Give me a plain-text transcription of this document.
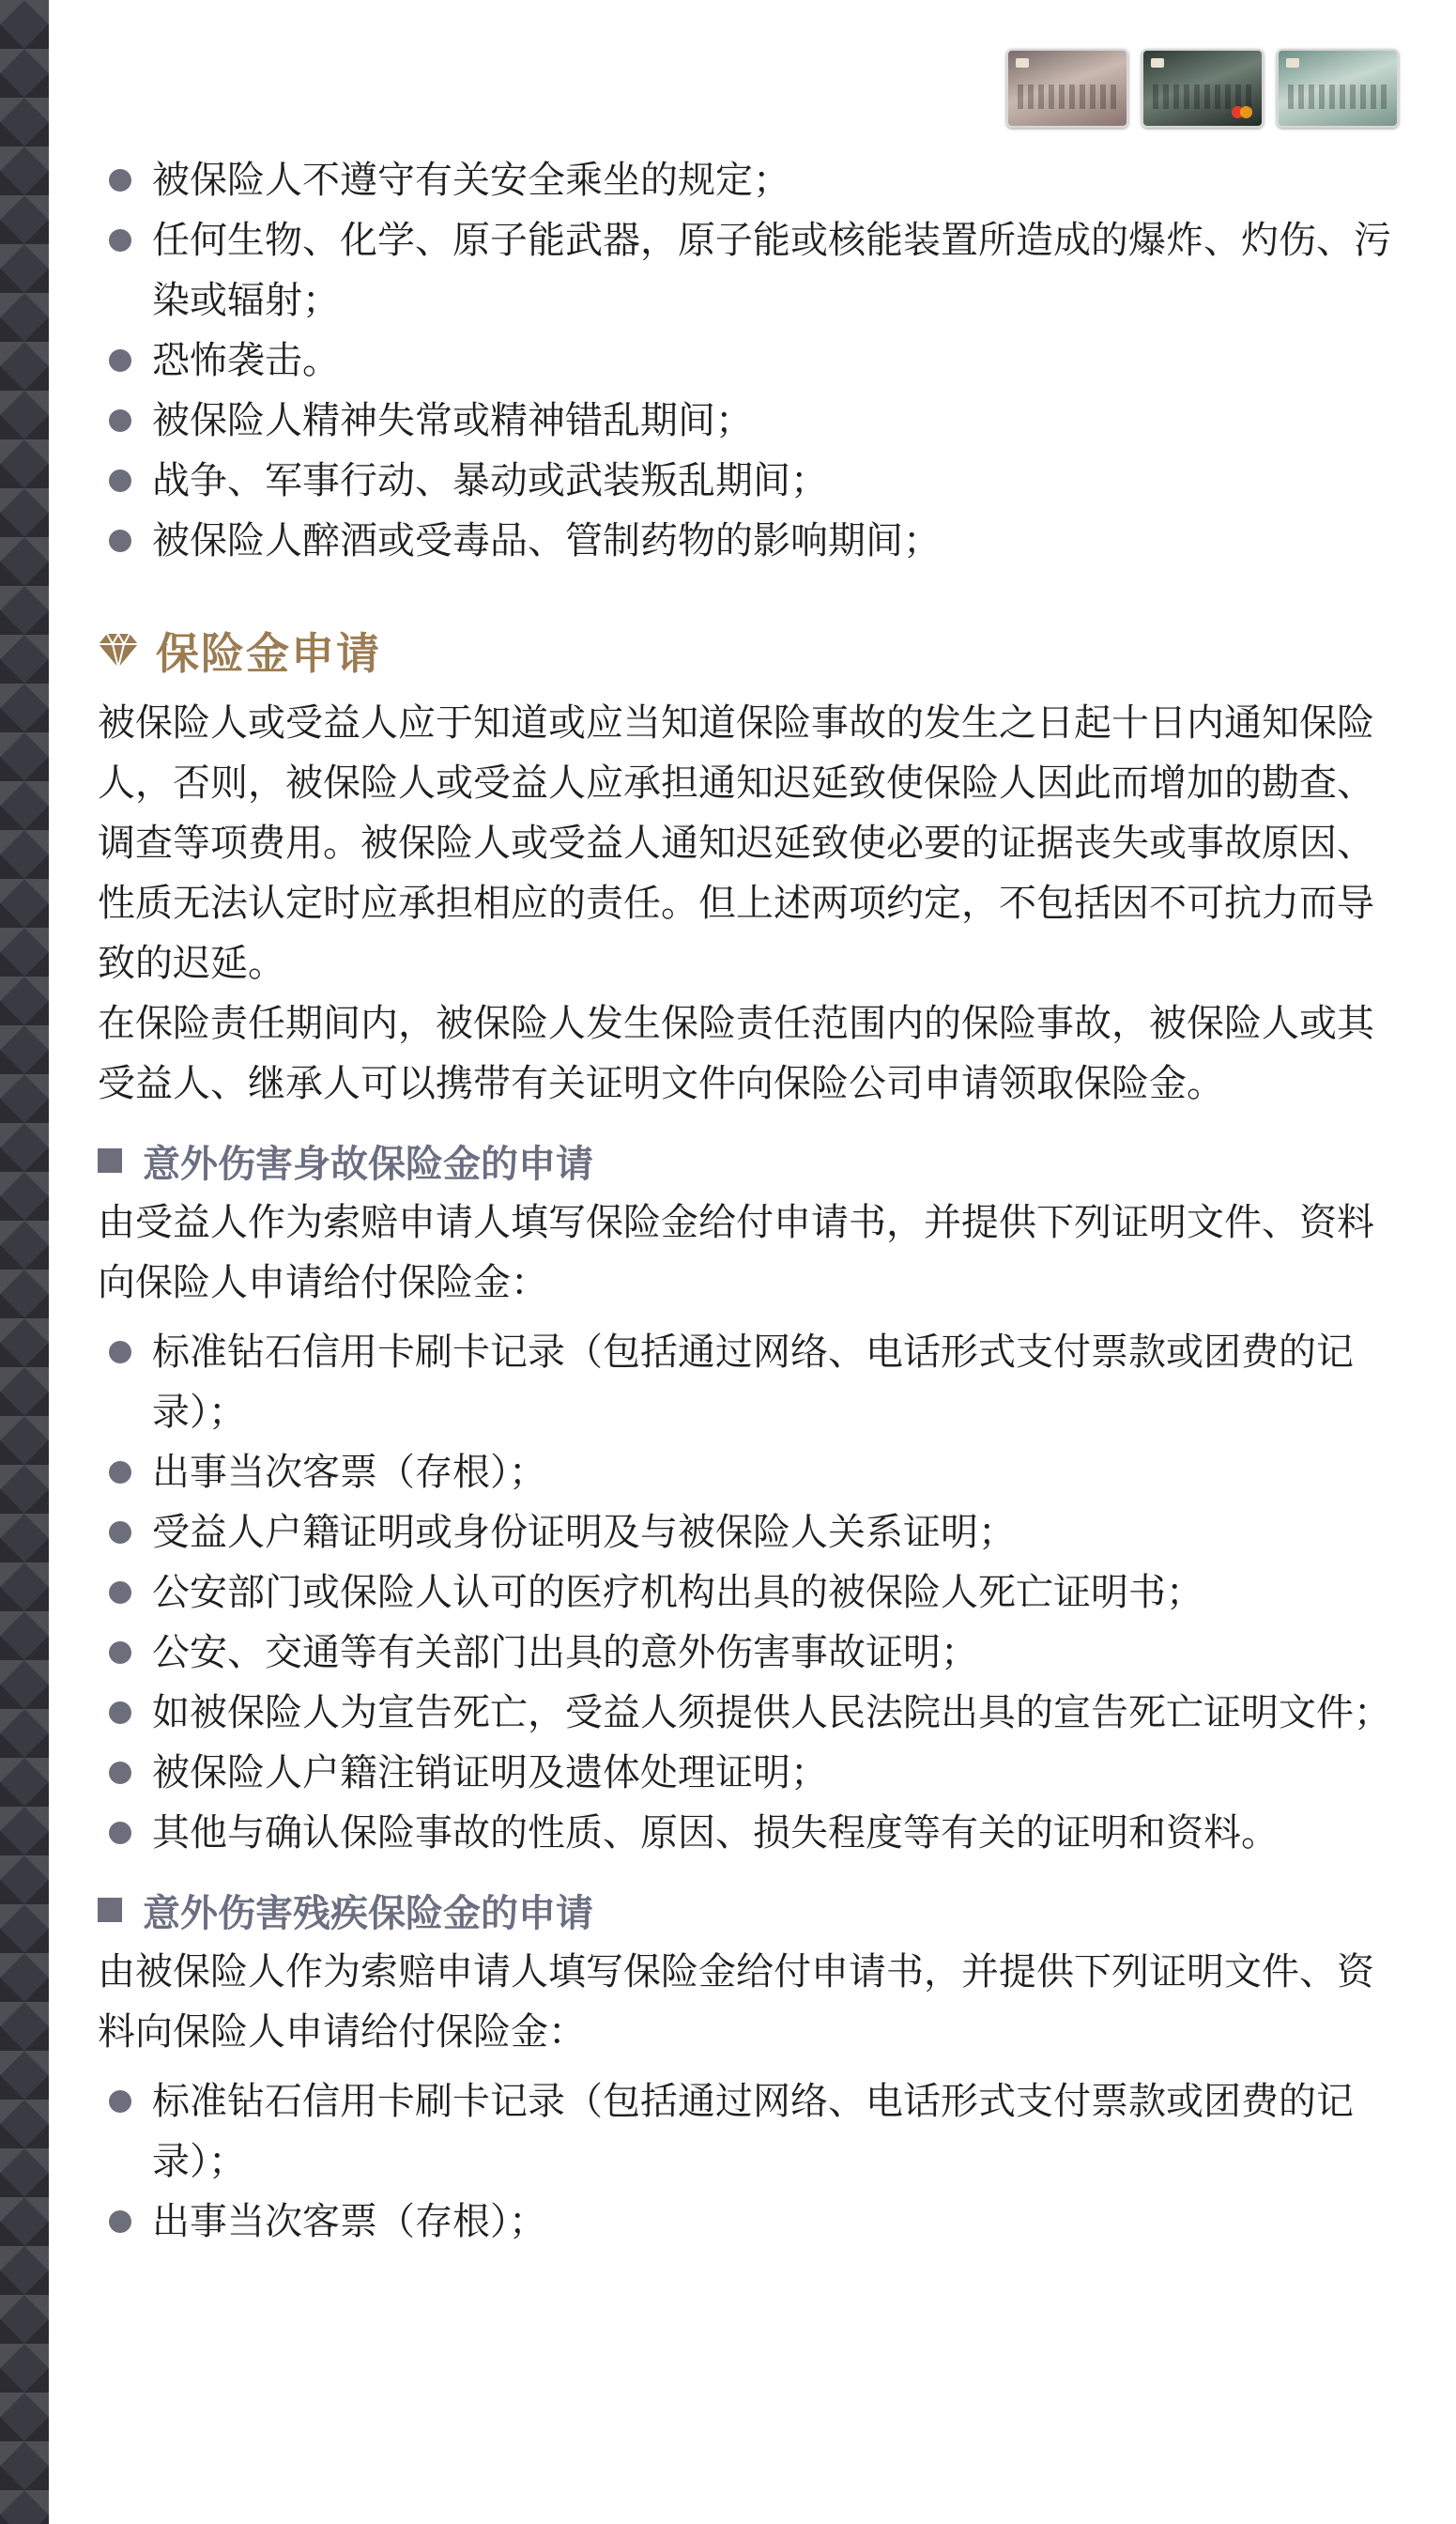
被保险人不遵守有关安全乘坐的规定；
任何生物、化学、原子能武器，原子能或核能装置所造成的爆炸、灼伤、污染或辐射；
恐怖袭击。
被保险人精神失常或精神错乱期间；
战争、军事行动、暴动或武装叛乱期间；
被保险人醉酒或受毒品、管制药物的影响期间；
保险金申请

被保险人或受益人应于知道或应当知道保险事故的发生之日起十日内通知保险人，否则，被保险人或受益人应承担通知迟延致使保险人因此而增加的勘查、调查等项费用。被保险人或受益人通知迟延致使必要的证据丧失或事故原因、性质无法认定时应承担相应的责任。但上述两项约定，不包括因不可抗力而导致的迟延。

在保险责任期间内，被保险人发生保险责任范围内的保险事故，被保险人或其受益人、继承人可以携带有关证明文件向保险公司申请领取保险金。

意外伤害身故保险金的申请

由受益人作为索赔申请人填写保险金给付申请书，并提供下列证明文件、资料向保险人申请给付保险金：

标准钻石信用卡刷卡记录（包括通过网络、电话形式支付票款或团费的记录）；
出事当次客票（存根）；
受益人户籍证明或身份证明及与被保险人关系证明；
公安部门或保险人认可的医疗机构出具的被保险人死亡证明书；
公安、交通等有关部门出具的意外伤害事故证明；
如被保险人为宣告死亡，受益人须提供人民法院出具的宣告死亡证明文件；
被保险人户籍注销证明及遗体处理证明；
其他与确认保险事故的性质、原因、损失程度等有关的证明和资料。
意外伤害残疾保险金的申请

由被保险人作为索赔申请人填写保险金给付申请书，并提供下列证明文件、资料向保险人申请给付保险金：

标准钻石信用卡刷卡记录（包括通过网络、电话形式支付票款或团费的记录）；
出事当次客票（存根）；
